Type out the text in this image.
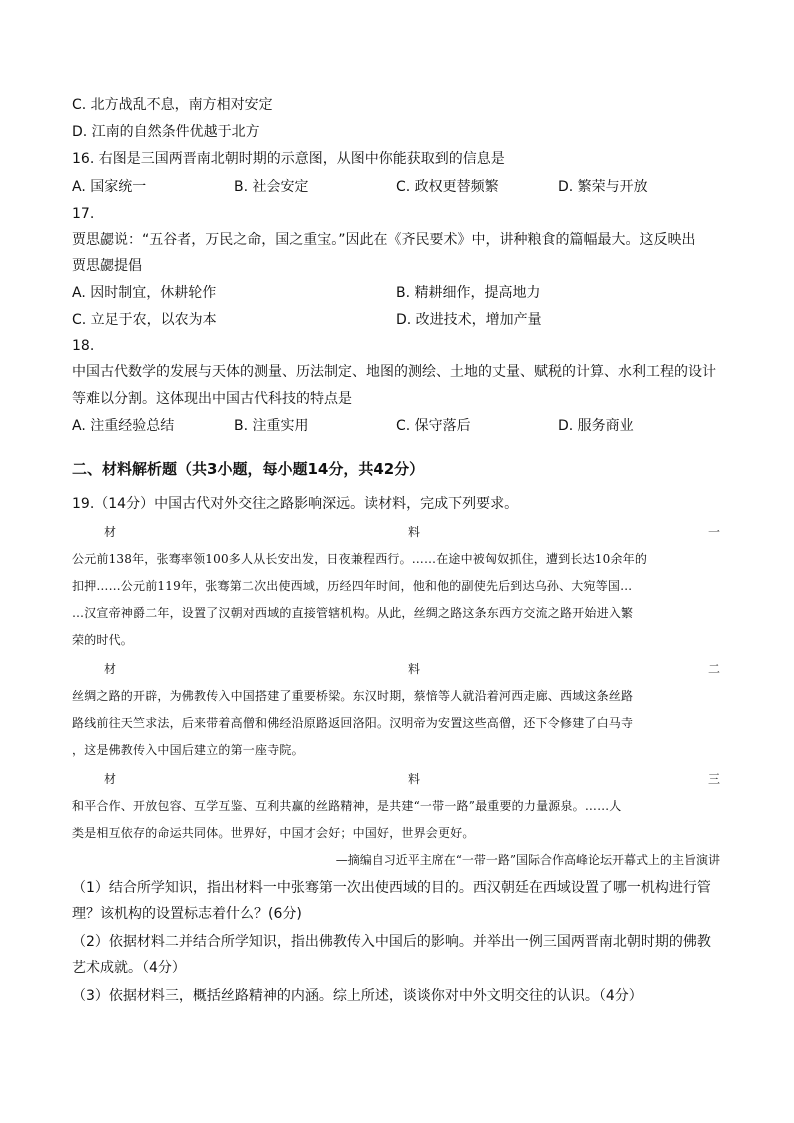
C. 北方战乱不息，南方相对安定
D. 江南的自然条件优越于北方
16. 右图是三国两晋南北朝时期的示意图，从图中你能获取到的信息是
A. 国家统一	B. 社会安定	C. 政权更替频繁	D. 繁荣与开放
17.
贾思勰说：“五谷者，万民之命，国之重宝。”因此在《齐民要术》中，讲种粮食的篇幅最大。这反映出
贾思勰提倡
A. 因时制宜，休耕轮作	B. 精耕细作，提高地力
C. 立足于农，以农为本	D. 改进技术，增加产量
18.
中国古代数学的发展与天体的测量、历法制定、地图的测绘、土地的丈量、赋税的计算、水利工程的设计
等难以分割。这体现出中国古代科技的特点是
A. 注重经验总结	B. 注重实用	C. 保守落后	D. 服务商业
二、材料解析题（共3小题，每小题14分，共42分）
19.（14分）中国古代对外交往之路影响深远。读材料，完成下列要求。
材	料	一
公元前138年，张骞率领100多人从长安出发，日夜兼程西行。……在途中被匈奴抓住，遭到长达10余年的
扣押……公元前119年，张骞第二次出使西域，历经四年时间，他和他的副使先后到达乌孙、大宛等国…
…汉宣帝神爵二年，设置了汉朝对西域的直接管辖机构。从此，丝绸之路这条东西方交流之路开始进入繁
荣的时代。
材	料	二
丝绸之路的开辟，为佛教传入中国搭建了重要桥梁。东汉时期，蔡愔等人就沿着河西走廊、西域这条丝路
路线前往天竺求法，后来带着高僧和佛经沿原路返回洛阳。汉明帝为安置这些高僧，还下令修建了白马寺
，这是佛教传入中国后建立的第一座寺院。
材	料	三
和平合作、开放包容、互学互鉴、互利共赢的丝路精神，是共建“一带一路”最重要的力量源泉。……人
类是相互依存的命运共同体。世界好，中国才会好；中国好，世界会更好。
—摘编自习近平主席在“一带一路”国际合作高峰论坛开幕式上的主旨演讲
（1）结合所学知识，指出材料一中张骞第一次出使西域的目的。西汉朝廷在西域设置了哪一机构进行管
理？该机构的设置标志着什么？(6分)
（2）依据材料二并结合所学知识，指出佛教传入中国后的影响。并举出一例三国两晋南北朝时期的佛教
艺术成就。（4分）
（3）依据材料三，概括丝路精神的内涵。综上所述，谈谈你对中外文明交往的认识。（4分）
